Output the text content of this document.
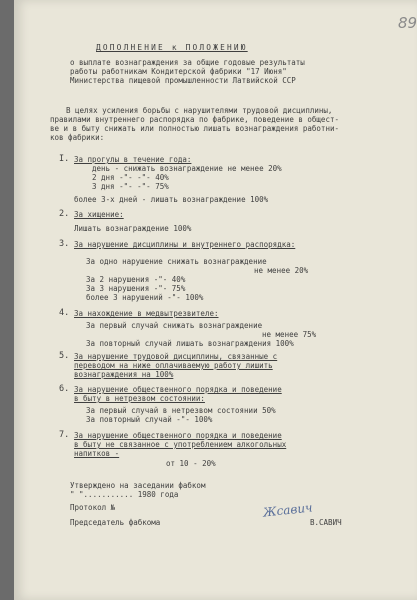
89
ДОПОЛНЕНИЕ к ПОЛОЖЕНИЮ
о выплате вознаграждения за общие годовые результаты
работы работникам Кондитерской фабрики "17 Июня"
Министерства пищевой промышленности Латвийской ССР
В целях усиления борьбы с нарушителями трудовой дисциплины,
правилами внутреннего распорядка по фабрике, поведение в общест-
ве и в быту снижать или полностью лишать вознаграждения работни-
ков фабрики:
I. За прогулы в течение года:
день - снижать вознаграждение не менее 20%
2 дня -"- -"- 40%
3 дня -"- -"- 75%
более 3-х дней - лишать вознаграждение 100%
2. За хищение:
Лишать вознаграждение 100%
3. За нарушение дисциплины и внутреннего распорядка:
За одно нарушение снижать вознаграждение
не менее 20%
За 2 нарушения -"- 40%
За 3 нарушения -"- 75%
более 3 нарушений -"- 100%
4. За нахождение в медвытрезвителе:
За первый случай снижать вознаграждение
не менее 75%
За повторный случай лишать вознаграждения 100%
5. За нарушение трудовой дисциплины, связанные с
переводом на ниже оплачиваемую работу лишить
вознаграждения на 100%
6. За нарушение общественного порядка и поведение
в быту в нетрезвом состоянии:
За первый случай в нетрезвом состоянии 50%
За повторный случай -"- 100%
7. За нарушение общественного порядка и поведение
в быту не связанное с употреблением алкогольных
напитков -
от 10 - 20%
Утверждено на заседании фабком
" "........... 1980 года
Протокол №
Председатель фабкома
Жсавич
В.САВИЧ
